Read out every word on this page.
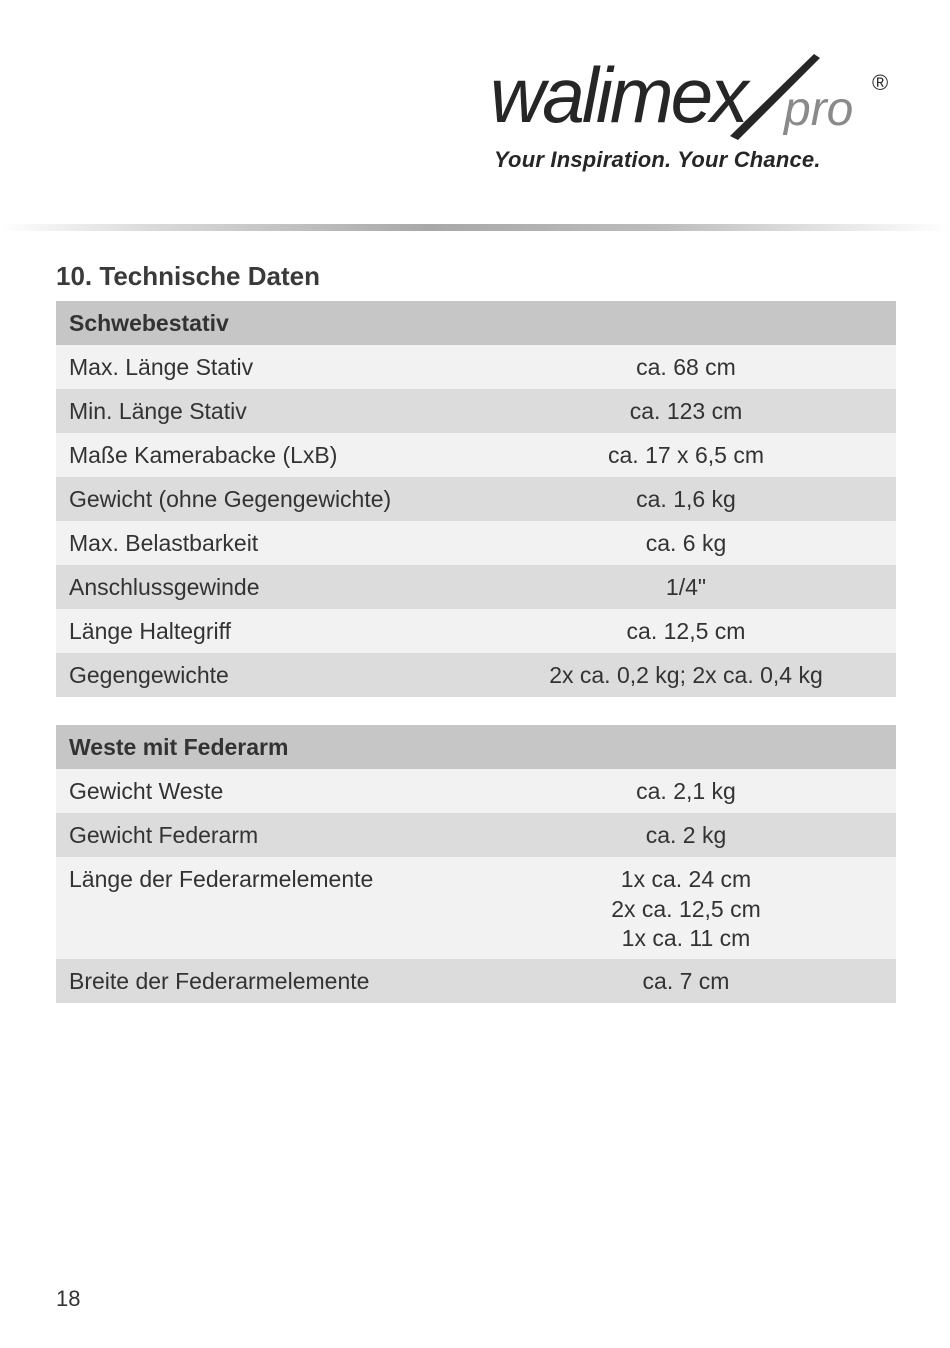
walimex pro
®
Your Inspiration. Your Chance.
10. Technische Daten
Schwebestativ	
Max. Länge Stativ	ca. 68 cm
Min. Länge Stativ	ca. 123 cm
Maße Kamerabacke (LxB)	ca. 17 x 6,5 cm
Gewicht (ohne Gegengewichte)	ca. 1,6 kg
Max. Belastbarkeit	ca. 6 kg
Anschlussgewinde	1/4"
Länge Haltegriff	ca. 12,5 cm
Gegengewichte	2x ca. 0,2 kg; 2x ca. 0,4 kg
Weste mit Federarm	
Gewicht Weste	ca. 2,1 kg
Gewicht Federarm	ca. 2 kg
Länge der Federarmelemente	1x ca. 24 cm
2x ca. 12,5 cm
1x ca. 11 cm

Breite der Federarmelemente	ca. 7 cm
18
